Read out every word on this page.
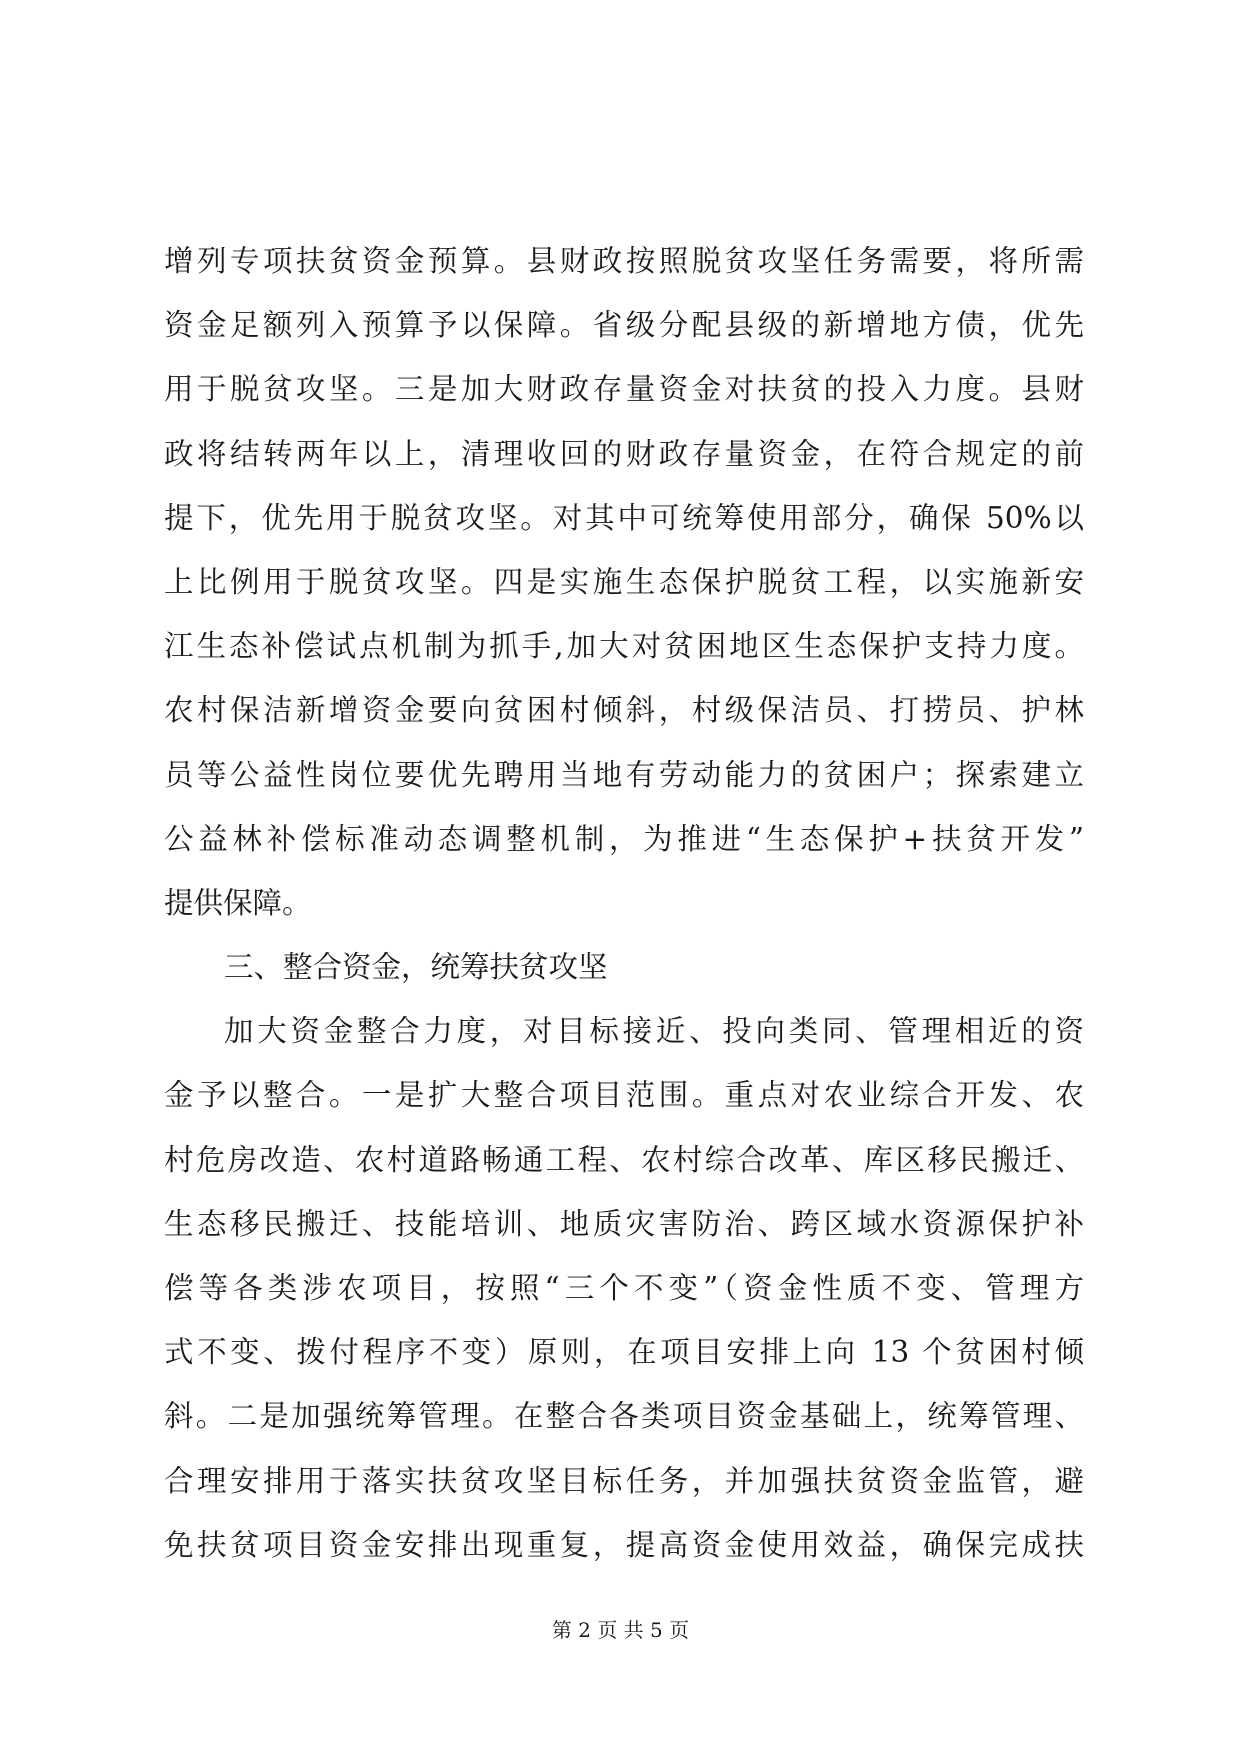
增列专项扶贫资金预算。县财政按照脱贫攻坚任务需要，将所需
资金足额列入预算予以保障。省级分配县级的新增地方债，优先
用于脱贫攻坚。三是加大财政存量资金对扶贫的投入力度。县财
政将结转两年以上，清理收回的财政存量资金，在符合规定的前
提下，优先用于脱贫攻坚。对其中可统筹使用部分，确保 50%以
上比例用于脱贫攻坚。四是实施生态保护脱贫工程，以实施新安
江生态补偿试点机制为抓手,加大对贫困地区生态保护支持力度。
农村保洁新增资金要向贫困村倾斜，村级保洁员、打捞员、护林
员等公益性岗位要优先聘用当地有劳动能力的贫困户；探索建立
公益林补偿标准动态调整机制，为推进“生态保护+扶贫开发”
提供保障。
三、整合资金，统筹扶贫攻坚
加大资金整合力度，对目标接近、投向类同、管理相近的资
金予以整合。一是扩大整合项目范围。重点对农业综合开发、农
村危房改造、农村道路畅通工程、农村综合改革、库区移民搬迁、
生态移民搬迁、技能培训、地质灾害防治、跨区域水资源保护补
偿等各类涉农项目，按照“三个不变”（资金性质不变、管理方
式不变、拨付程序不变）原则，在项目安排上向 13 个贫困村倾
斜。二是加强统筹管理。在整合各类项目资金基础上，统筹管理、
合理安排用于落实扶贫攻坚目标任务，并加强扶贫资金监管，避
免扶贫项目资金安排出现重复，提高资金使用效益，确保完成扶
第 2 页 共 5 页
